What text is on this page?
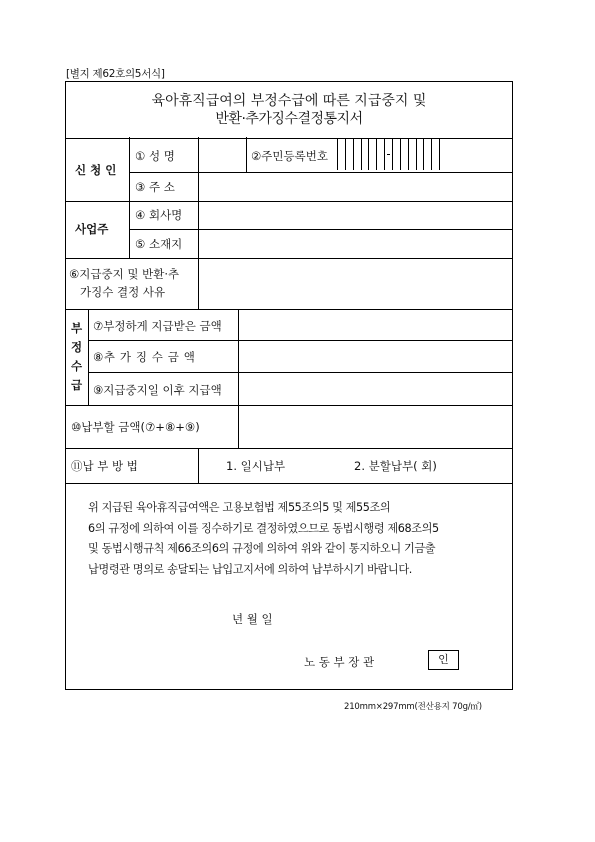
[별지 제62호의5서식]
육아휴직급여의 부정수급에 따른 지급중지 및
반환·추가징수결정통지서
신 청 인
① 성 명	②주민등록번호
③ 주 소
사업주
④ 회사명
⑤ 소재지
⑥지급중지 및 반환·추
가징수 결정 사유
부
정
수
급
⑦부정하게 지급받은 금액
⑧추 가 징 수 금 액
⑨지급중지일 이후 지급액
⑩납부할 금액(⑦+⑧+⑨)
⑪납 부 방 법	1. 일시납부	2. 분할납부( 회)
위 지급된 육아휴직급여액은 고용보험법 제55조의5 및 제55조의
6의 규정에 의하여 이를 징수하기로 결정하였으므로 동법시행령 제68조의5
및 동법시행규칙 제66조의6의 규정에 의하여 위와 같이 통지하오니 기금출
납명령관 명의로 송달되는 납입고지서에 의하여 납부하시기 바랍니다.
년 월 일
노 동 부 장 관	인
210mm×297mm(전산용지 70g/㎡)
